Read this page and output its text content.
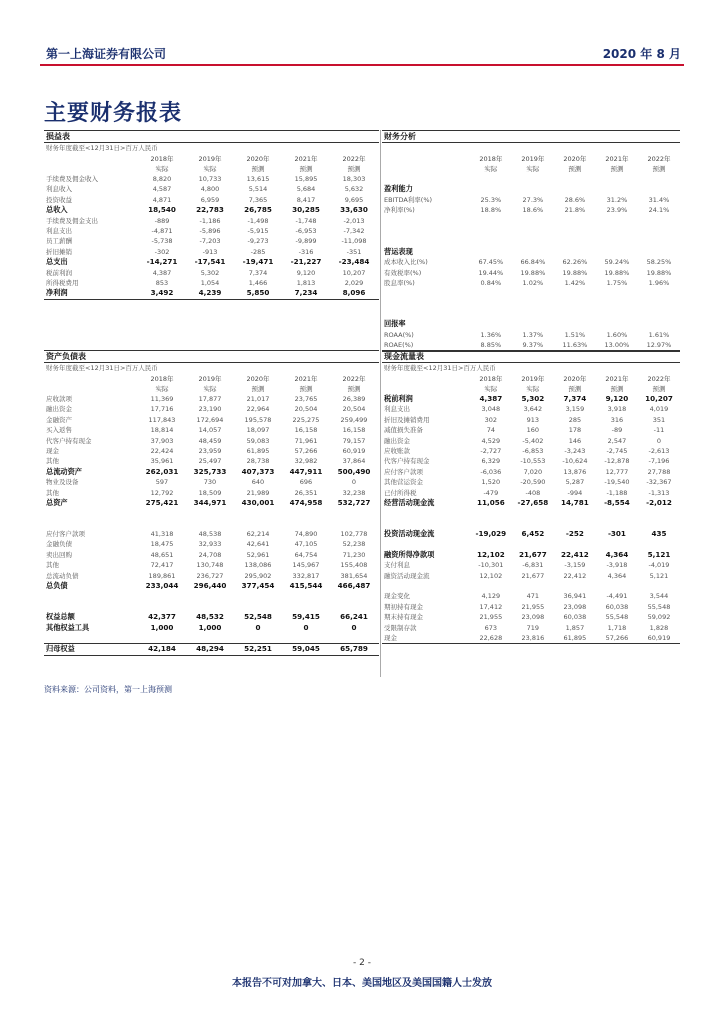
第一上海证券有限公司	2020 年 8 月
主要财务报表
损益表
财务年度截至<12月31日>百万人民币
2018年	2019年	2020年	2021年	2022年
实际	实际	预测	预测	预测
手续费及佣金收入	8,820	10,733	13,615	15,895	18,303
利息收入	4,587	4,800	5,514	5,684	5,632
投资收益	4,871	6,959	7,365	8,417	9,695
总收入	18,540	22,783	26,785	30,285	33,630
手续费及佣金支出	-889	-1,186	-1,498	-1,748	-2,013
利息支出	-4,871	-5,896	-5,915	-6,953	-7,342
员工薪酬	-5,738	-7,203	-9,273	-9,899	-11,098
折旧摊销	-302	-913	-285	-316	-351
总支出	-14,271	-17,541	-19,471	-21,227	-23,484
税前利润	4,387	5,302	7,374	9,120	10,207
所得税费用	853	1,054	1,466	1,813	2,029
净利润	3,492	4,239	5,850	7,234	8,096
财务分析
2018年	2019年	2020年	2021年	2022年
实际	实际	预测	预测	预测
盈利能力
EBITDA利率(%)	25.3%	27.3%	28.6%	31.2%	31.4%
净利率(%)	18.8%	18.6%	21.8%	23.9%	24.1%
营运表现
成本收入比(%)	67.45%	66.84%	62.26%	59.24%	58.25%
有效税率(%)	19.44%	19.88%	19.88%	19.88%	19.88%
股息率(%)	0.84%	1.02%	1.42%	1.75%	1.96%
回报率
ROAA(%)	1.36%	1.37%	1.51%	1.60%	1.61%
ROAE(%)	8.85%	9.37%	11.63%	13.00%	12.97%
资产负债表
财务年度截至<12月31日>百万人民币
2018年	2019年	2020年	2021年	2022年
实际	实际	预测	预测	预测
应收款项	11,369	17,877	21,017	23,765	26,389
融出资金	17,716	23,190	22,964	20,504	20,504
金融资产	117,843	172,694	195,578	225,275	259,499
买入返售	18,814	14,057	18,097	16,158	16,158
代客户持有现金	37,903	48,459	59,083	71,961	79,157
现金	22,424	23,959	61,895	57,266	60,919
其他	35,961	25,497	28,738	32,982	37,864
总流动资产	262,031	325,733	407,373	447,911	500,490
物业及设备	597	730	640	696	0
其他	12,792	18,509	21,989	26,351	32,238
总资产	275,421	344,971	430,001	474,958	532,727
应付客户款项	41,318	48,538	62,214	74,890	102,778
金融负债	18,475	32,933	42,641	47,105	52,238
卖出回购	48,651	24,708	52,961	64,754	71,230
其他	72,417	130,748	138,086	145,967	155,408
总流动负债	189,861	236,727	295,902	332,817	381,654
总负债	233,044	296,440	377,454	415,544	466,487
权益总额	42,377	48,532	52,548	59,415	66,241
其他权益工具	1,000	1,000	0	0	0
归母权益	42,184	48,294	52,251	59,045	65,789
现金流量表
财务年度截至<12月31日>百万人民币
2018年	2019年	2020年	2021年	2022年
实际	实际	预测	预测	预测
税前利润	4,387	5,302	7,374	9,120	10,207
利息支出	3,048	3,642	3,159	3,918	4,019
折旧及摊销费用	302	913	285	316	351
减值损失准备	74	160	178	-89	-11
融出资金	4,529	-5,402	146	2,547	0
应收账款	-2,727	-6,853	-3,243	-2,745	-2,613
代客户持有现金	6,329	-10,553	-10,624	-12,878	-7,196
应付客户款项	-6,036	7,020	13,876	12,777	27,788
其他营运资金	1,520	-20,590	5,287	-19,540	-32,367
已付所得税	-479	-408	-994	-1,188	-1,313
经营活动现金流	11,056	-27,658	14,781	-8,554	-2,012
投资活动现金流	-19,029	6,452	-252	-301	435
融资所得净款项	12,102	21,677	22,412	4,364	5,121
支付利息	-10,301	-6,831	-3,159	-3,918	-4,019
融资活动现金流	12,102	21,677	22,412	4,364	5,121
现金变化	4,129	471	36,941	-4,491	3,544
期初持有现金	17,412	21,955	23,098	60,038	55,548
期末持有现金	21,955	23,098	60,038	55,548	59,092
受限制存款	673	719	1,857	1,718	1,828
现金	22,628	23,816	61,895	57,266	60,919
资料来源：公司资料，第一上海预测
- 2 -
本报告不可对加拿大、日本、美国地区及美国国籍人士发放
